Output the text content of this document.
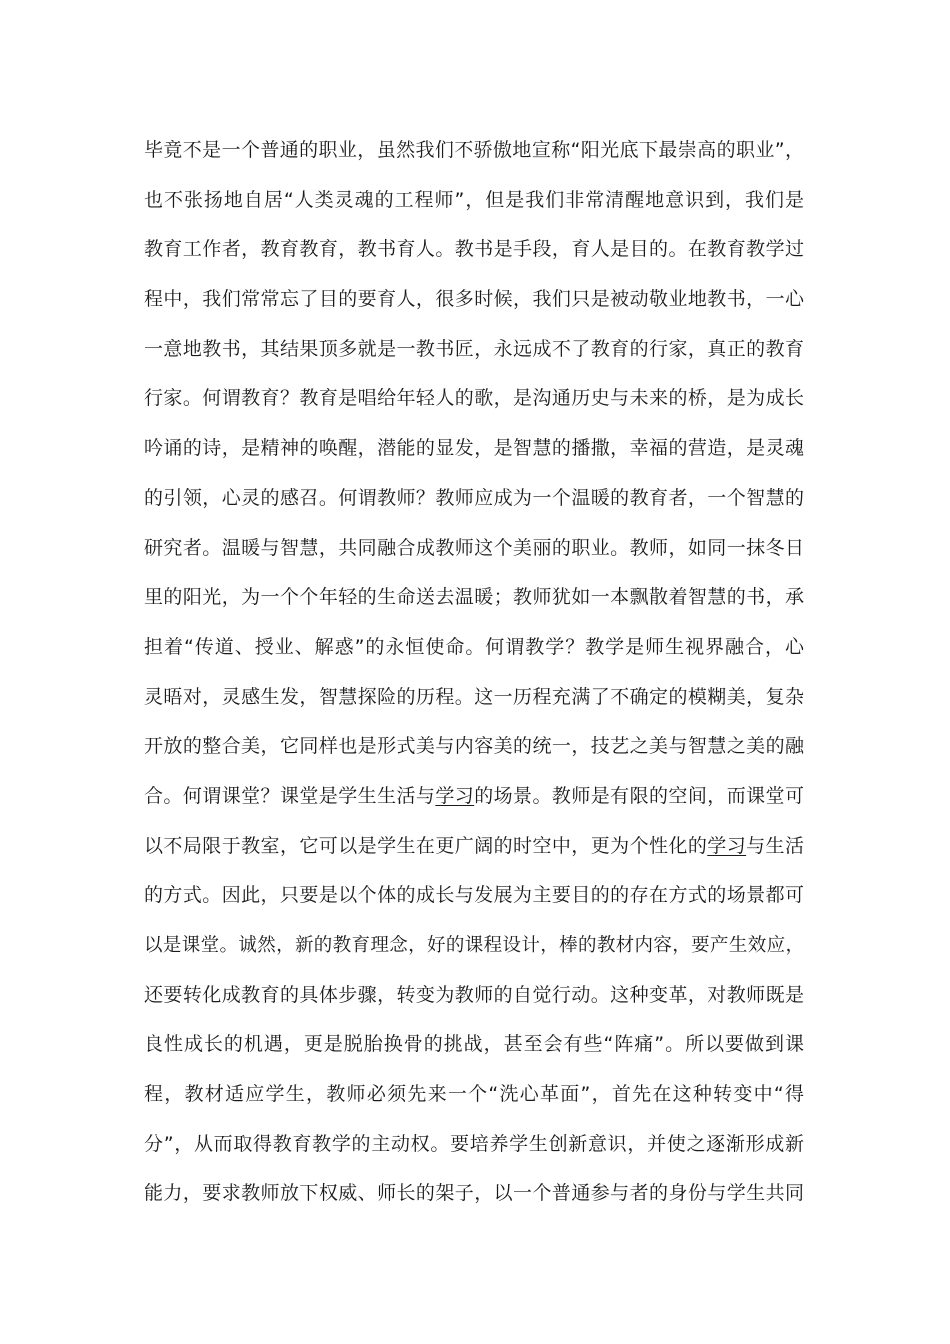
毕竟不是一个普通的职业，虽然我们不骄傲地宣称“阳光底下最崇高的职业”，
也不张扬地自居“人类灵魂的工程师”，但是我们非常清醒地意识到，我们是
教育工作者，教育教育，教书育人。教书是手段，育人是目的。在教育教学过
程中，我们常常忘了目的要育人，很多时候，我们只是被动敬业地教书，一心
一意地教书，其结果顶多就是一教书匠，永远成不了教育的行家，真正的教育
行家。何谓教育？教育是唱给年轻人的歌，是沟通历史与未来的桥，是为成长
吟诵的诗，是精神的唤醒，潜能的显发，是智慧的播撒，幸福的营造，是灵魂
的引领，心灵的感召。何谓教师？教师应成为一个温暖的教育者，一个智慧的
研究者。温暖与智慧，共同融合成教师这个美丽的职业。教师，如同一抹冬日
里的阳光，为一个个年轻的生命送去温暖；教师犹如一本飘散着智慧的书，承
担着“传道、授业、解惑”的永恒使命。何谓教学？教学是师生视界融合，心
灵晤对，灵感生发，智慧探险的历程。这一历程充满了不确定的模糊美，复杂
开放的整合美，它同样也是形式美与内容美的统一，技艺之美与智慧之美的融
合。何谓课堂？课堂是学生生活与学习的场景。教师是有限的空间，而课堂可
以不局限于教室，它可以是学生在更广阔的时空中，更为个性化的学习与生活
的方式。因此，只要是以个体的成长与发展为主要目的的存在方式的场景都可
以是课堂。诚然，新的教育理念，好的课程设计，棒的教材内容，要产生效应，
还要转化成教育的具体步骤，转变为教师的自觉行动。这种变革，对教师既是
良性成长的机遇，更是脱胎换骨的挑战，甚至会有些“阵痛”。所以要做到课
程，教材适应学生，教师必须先来一个“洗心革面”，首先在这种转变中“得
分”，从而取得教育教学的主动权。要培养学生创新意识，并使之逐渐形成新
能力，要求教师放下权威、师长的架子，以一个普通参与者的身份与学生共同
